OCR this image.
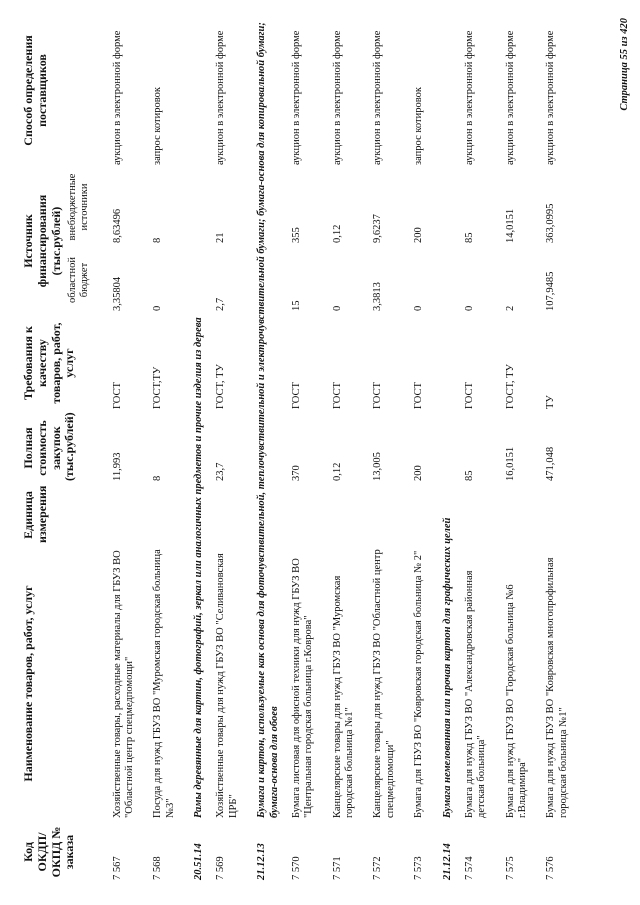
Код ОКДП/ ОКПД № заказа	Наименование товаров, работ, услуг	Единица измерения	Полная стоимость закупок (тыс.рублей)	Требования к качеству товаров, работ, услуг	Источник финансирования (тыс.рублей)		Способ определения поставщиков
					областной бюджет	внебюджетные источники	
7 567	Хозяйственные товары, расходные материалы для ГБУЗ ВО "Областной центр спецмедпомощи"		11,993	ГОСТ	3,35804	8,63496	аукцион в электронной форме
7 568	Посуда для нужд ГБУЗ ВО "Муромская городская больница №3"		8	ГОСТ,ТУ	0	8	запрос котировок
20.51.14	Рамы деревянные для картин, фотографий, зеркал или аналогичных предметов и прочие изделия из дерева						
7 569	Хозяйственные товары для нужд ГБУЗ ВО "Селивановская ЦРБ"		23,7	ГОСТ, ТУ	2,7	21	аукцион в электронной форме
21.12.13	Бумага и картон, используемые как основа для фоточувствительной, теплочувствительной и электрочувствительной бумаги; бумага-основа для копировальной бумаги; бумага-основа для обоев						
7 570	Бумага листовая для офисной техники для нужд ГБУЗ ВО "Центральная городская больница г.Коврова"		370	ГОСТ	15	355	аукцион в электронной форме
7 571	Канцелярские товары для нужд ГБУЗ ВО "Муромская городская больница №1"		0,12	ГОСТ	0	0,12	аукцион в электронной форме
7 572	Канцелярские товары для нужд ГБУЗ ВО "Областной центр спецмедпомощи"		13,005	ГОСТ	3,3813	9,6237	аукцион в электронной форме
7 573	Бумага для ГБУЗ ВО "Ковровская городская больница № 2"		200	ГОСТ	0	200	запрос котировок
21.12.14	Бумага немелованная или прочая картон для графических целей						
7 574	Бумага для нужд ГБУЗ ВО "Александровская районная детская больница"		85	ГОСТ	0	85	аукцион в электронной форме
7 575	Бумага для нужд ГБУЗ ВО "Городская больница №6 г.Владимира"		16,0151	ГОСТ, ТУ	2	14,0151	аукцион в электронной форме
7 576	Бумага для нужд ГБУЗ ВО "Ковровская многопрофильная городская больница №1"		471,048	ТУ	107,9485	363,0995	аукцион в электронной форме	Страница 55 из 420
